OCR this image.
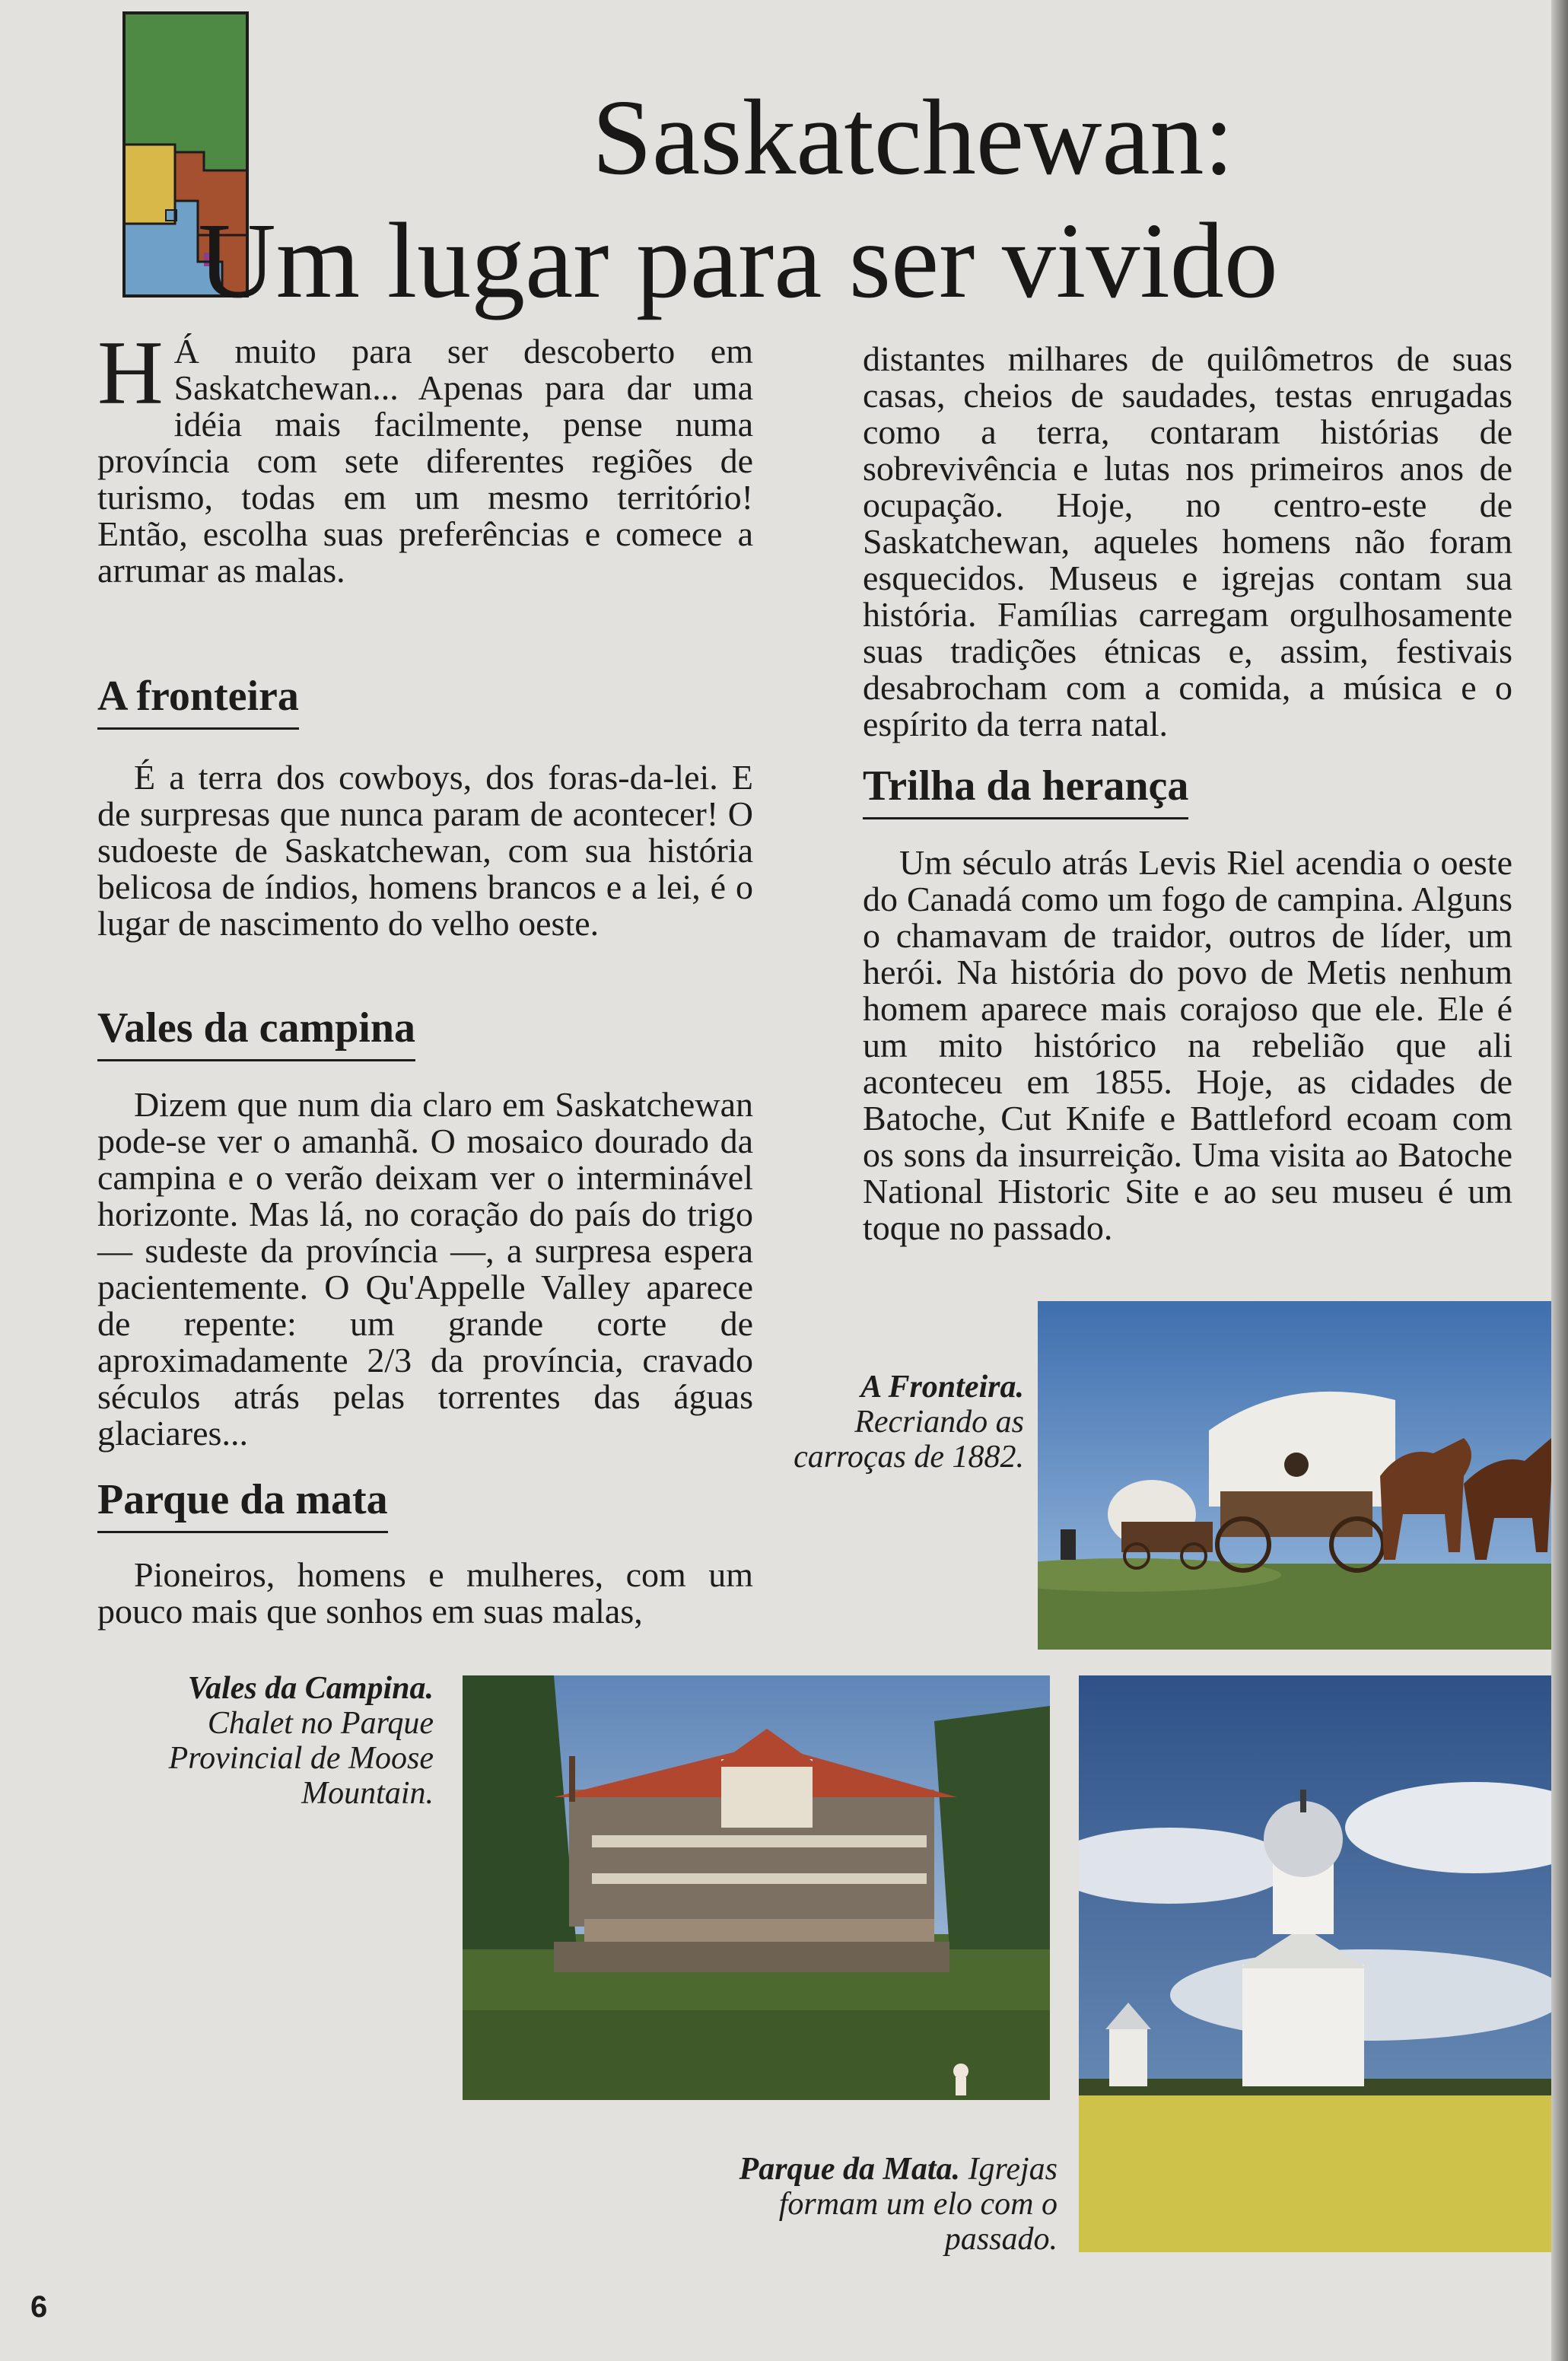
Saskatchewan:
Um lugar para ser vivido
H Á muito para ser descoberto em Saskatchewan... Apenas para dar uma idéia mais facilmente, pense numa província com sete diferentes regiões de turismo, todas em um mesmo território! Então, escolha suas preferências e comece a arrumar as malas.
A fronteira

É a terra dos cowboys, dos foras-da-lei. E de surpresas que nunca param de acontecer! O sudoeste de Saskatchewan, com sua história belicosa de índios, homens brancos e a lei, é o lugar de nascimento do velho oeste.

Vales da campina

Dizem que num dia claro em Saskatchewan pode-se ver o amanhã. O mosaico dourado da campina e o verão deixam ver o interminável horizonte. Mas lá, no coração do país do trigo — sudeste da província —, a surpresa espera pacientemente. O Qu'Appelle Valley aparece de repente: um grande corte de aproximadamente 2/3 da província, cravado séculos atrás pelas torrentes das águas glaciares...

Parque da mata

Pioneiros, homens e mulheres, com um pouco mais que sonhos em suas malas,

distantes milhares de quilômetros de suas casas, cheios de saudades, testas enrugadas como a terra, contaram histórias de sobrevivência e lutas nos primeiros anos de ocupação. Hoje, no centro-este de Saskatchewan, aqueles homens não foram esquecidos. Museus e igrejas contam sua história. Famílias carregam orgulhosamente suas tradições étnicas e, assim, festivais desabrocham com a comida, a música e o espírito da terra natal.

Trilha da herança

Um século atrás Levis Riel acendia o oeste do Canadá como um fogo de campina. Alguns o chamavam de traidor, outros de líder, um herói. Na história do povo de Metis nenhum homem aparece mais corajoso que ele. Ele é um mito histórico na rebelião que ali aconteceu em 1855. Hoje, as cidades de Batoche, Cut Knife e Battleford ecoam com os sons da insurreição. Uma visita ao Batoche National Historic Site e ao seu museu é um toque no passado.

A Fronteira. Recriando as carroças de 1882.
Vales da Campina. Chalet no Parque Provincial de Moose Mountain.
Parque da Mata. Igrejas formam um elo com o passado.
6
